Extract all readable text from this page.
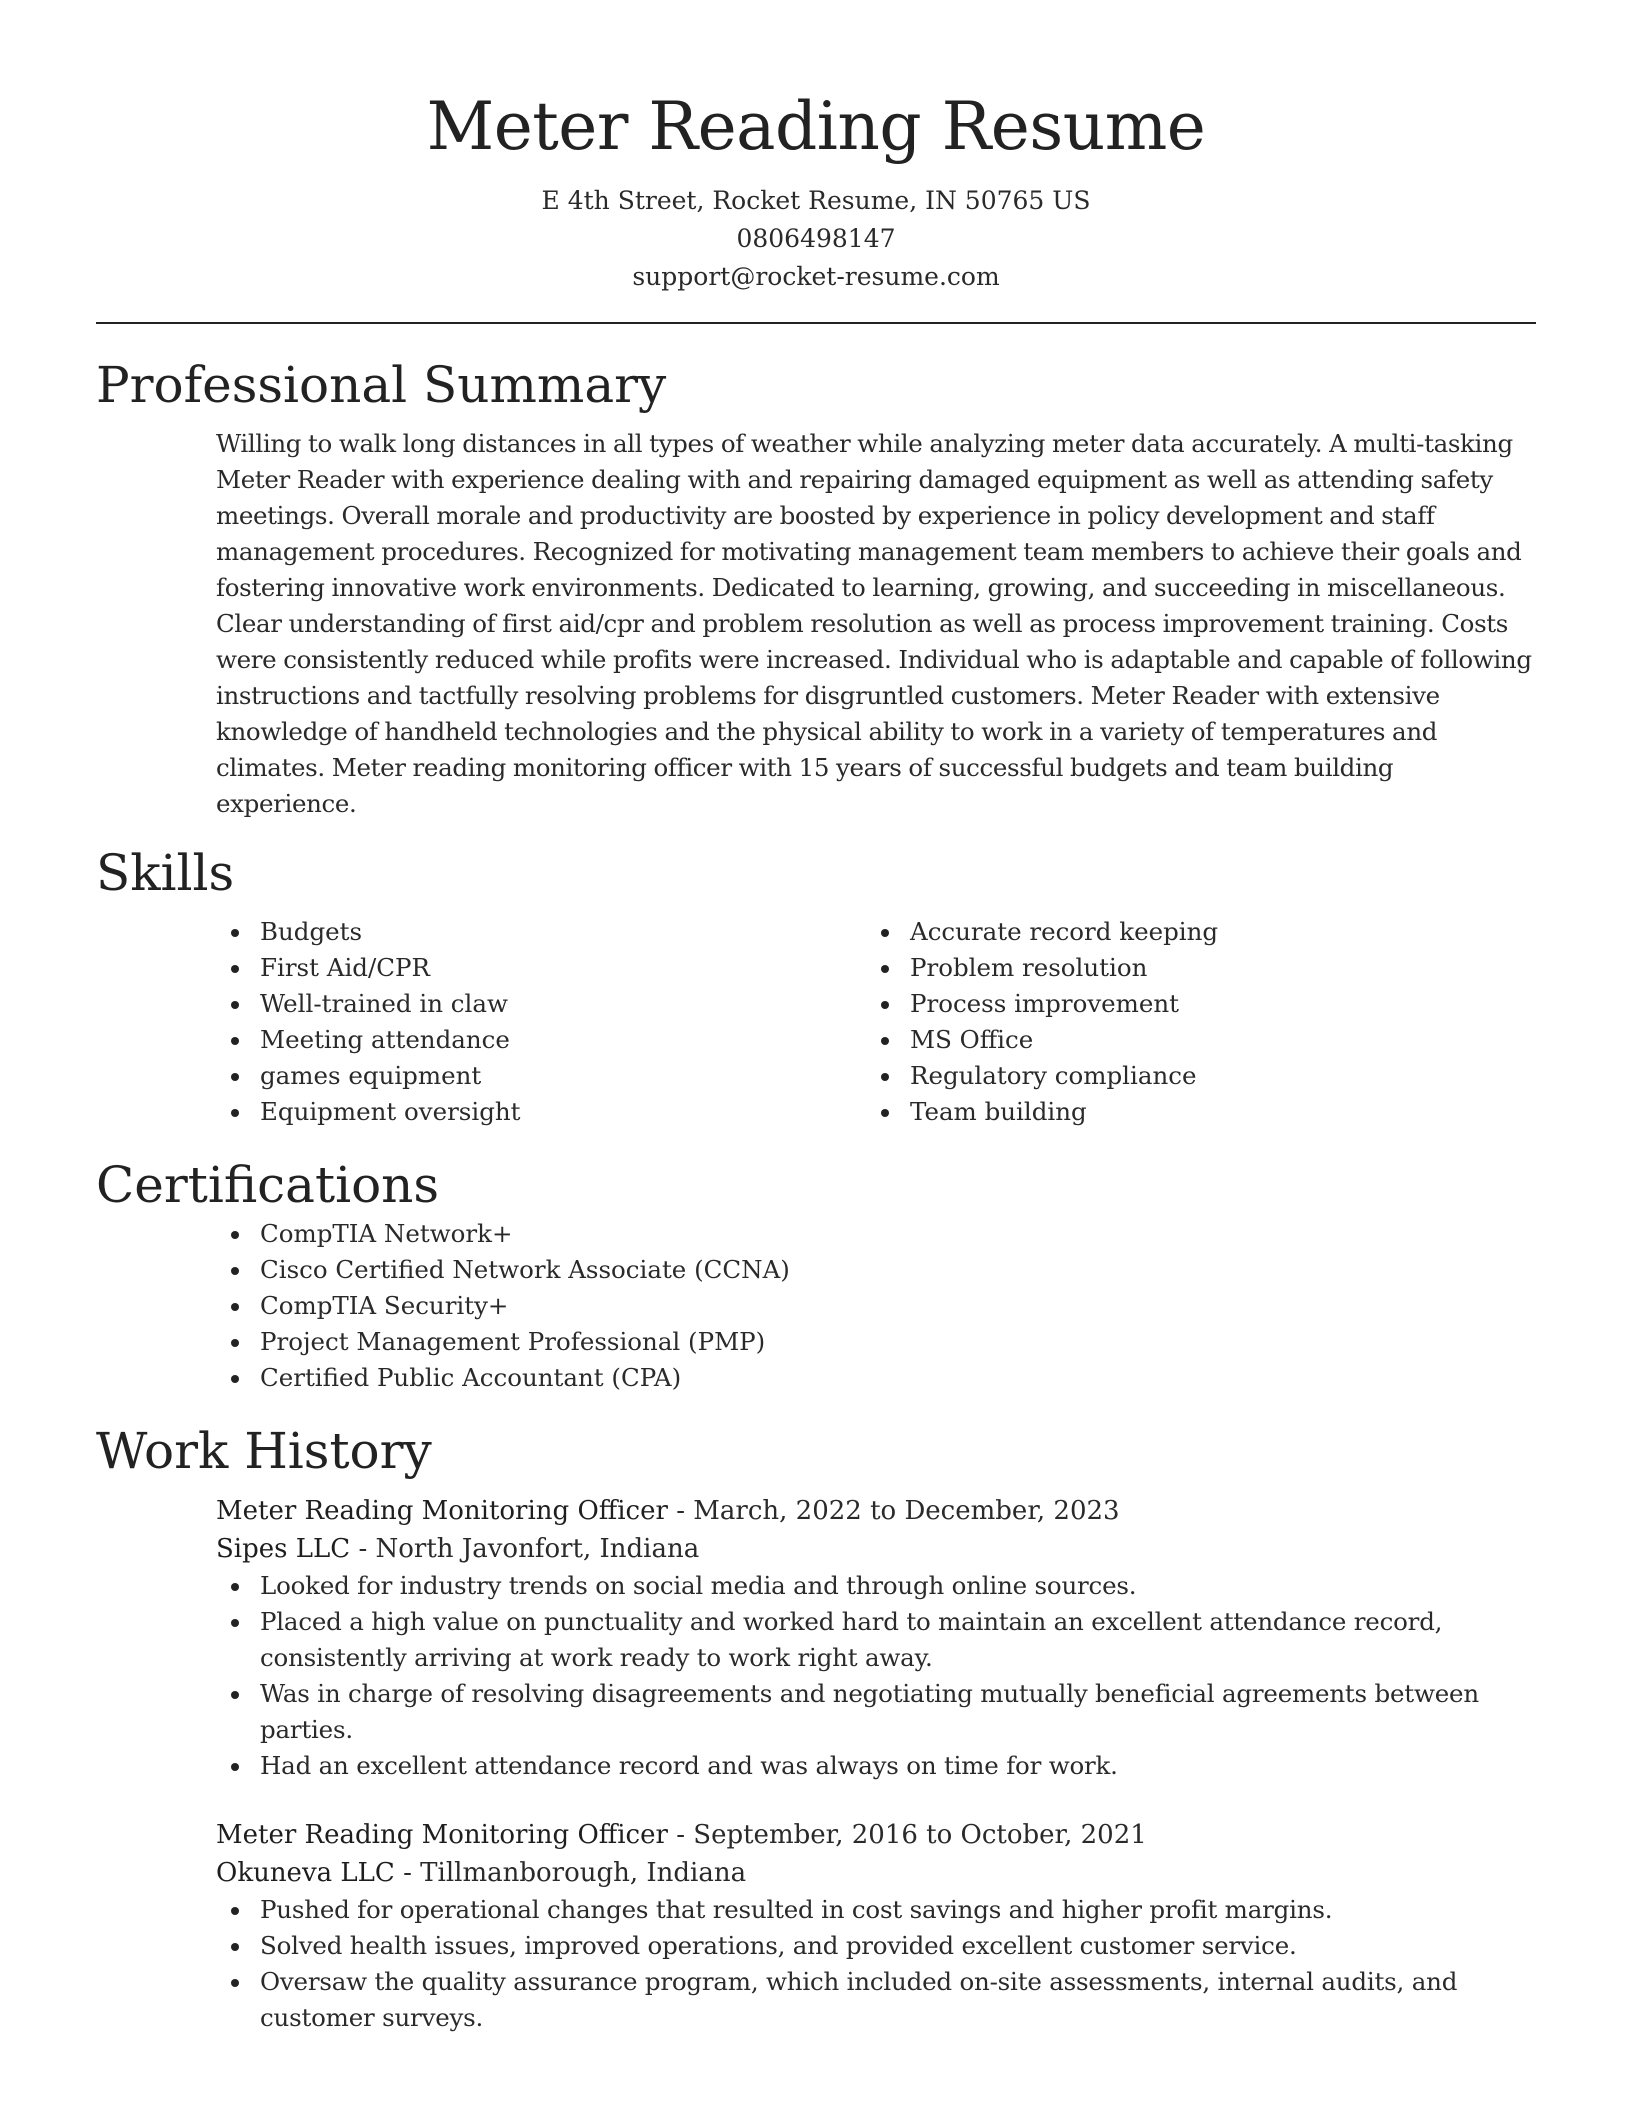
Meter Reading Resume
E 4th Street, Rocket Resume, IN 50765 US
0806498147
support@rocket-resume.com
Professional Summary

Willing to walk long distances in all types of weather while analyzing meter data accurately. A multi-tasking Meter Reader with experience dealing with and repairing damaged equipment as well as attending safety meetings. Overall morale and productivity are boosted by experience in policy development and staff management procedures. Recognized for motivating management team members to achieve their goals and fostering innovative work environments. Dedicated to learning, growing, and succeeding in miscellaneous. Clear understanding of first aid/cpr and problem resolution as well as process improvement training. Costs were consistently reduced while profits were increased. Individual who is adaptable and capable of following instructions and tactfully resolving problems for disgruntled customers. Meter Reader with extensive knowledge of handheld technologies and the physical ability to work in a variety of temperatures and climates. Meter reading monitoring officer with 15 years of successful budgets and team building experience.

Skills
Budgets
First Aid/CPR
Well-trained in claw
Meeting attendance
games equipment
Equipment oversight
Accurate record keeping
Problem resolution
Process improvement
MS Office
Regulatory compliance
Team building
Certifications
CompTIA Network+
Cisco Certified Network Associate (CCNA)
CompTIA Security+
Project Management Professional (PMP)
Certified Public Accountant (CPA)
Work History
Meter Reading Monitoring Officer - March, 2022 to December, 2023
Sipes LLC - North Javonfort, Indiana
Looked for industry trends on social media and through online sources.
Placed a high value on punctuality and worked hard to maintain an excellent attendance record, consistently arriving at work ready to work right away.
Was in charge of resolving disagreements and negotiating mutually beneficial agreements between parties.
Had an excellent attendance record and was always on time for work.
Meter Reading Monitoring Officer - September, 2016 to October, 2021
Okuneva LLC - Tillmanborough, Indiana
Pushed for operational changes that resulted in cost savings and higher profit margins.
Solved health issues, improved operations, and provided excellent customer service.
Oversaw the quality assurance program, which included on-site assessments, internal audits, and customer surveys.
